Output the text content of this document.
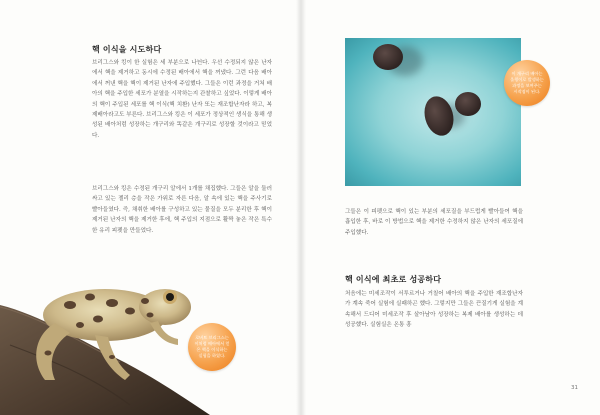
핵 이식을 시도하다
브리그스와 킹이 한 실험은 세 부분으로 나뉜다. 우선 수정되지 않은 난자에서 핵을 제거하고 동시에 수정된 배아에서 핵을 꺼냈다. 그런 다음 배아에서 꺼낸 핵을 핵이 제거된 난자에 주입했다. 그들은 이런 과정을 거쳐 배아의 핵을 주입한 세포가 분열을 시작하는지 관찰하고 싶었다. 이렇게 배아의 핵이 주입된 세포를 핵 이식(핵 치환) 난자 또는 재조합난자라 하고, 복제배아라고도 부른다. 브리그스와 킹은 이 세포가 정상적인 생식을 통해 생성된 배아처럼 성장하는 개구리와 똑같은 개구리로 성장할 것이라고 믿었다.
브리그스와 킹은 수정된 개구리 알에서 1개를 채집했다. 그들은 알을 둘러싸고 있는 젤리 층을 작은 가위로 자른 다음, 알 속에 있는 핵을 주사기로 빨아들였다. 즉, 채취한 배아를 구성하고 있는 물질을 모두 분리한 후 핵이 제거된 난자의 핵을 제거한 후에, 핵 주입의 지점으로 활짝 놓은 작은 특수한 유리 피펫을 만들었다.
로버트 브리그스는 이처럼 배아에서 얻은 핵을 이식하는 실험을 하였다.
이 개구리 배아는 올챙이로 발생하는 과정을 보여주는 시작점이 된다.
그들은 이 피펫으로 핵이 있는 부분의 세포질을 부드럽게 빨아들여 핵을 흡입한 후, 바로 이 방법으로 핵을 제거한 수정하지 않은 난자의 세포질에 주입했다.
핵 이식에 최초로 성공하다
처음에는 미세조작이 서투르거나 거칠어 배아의 핵을 주입한 재조합난자가 계속 죽어 실험에 실패하곤 했다. 그렇지만 그들은 끈질기게 실험을 계속해서 드디어 미세조작 후 살아남아 성장하는 복제 배아를 생성하는 데 성공했다. 실험실은 온통 흥
31
